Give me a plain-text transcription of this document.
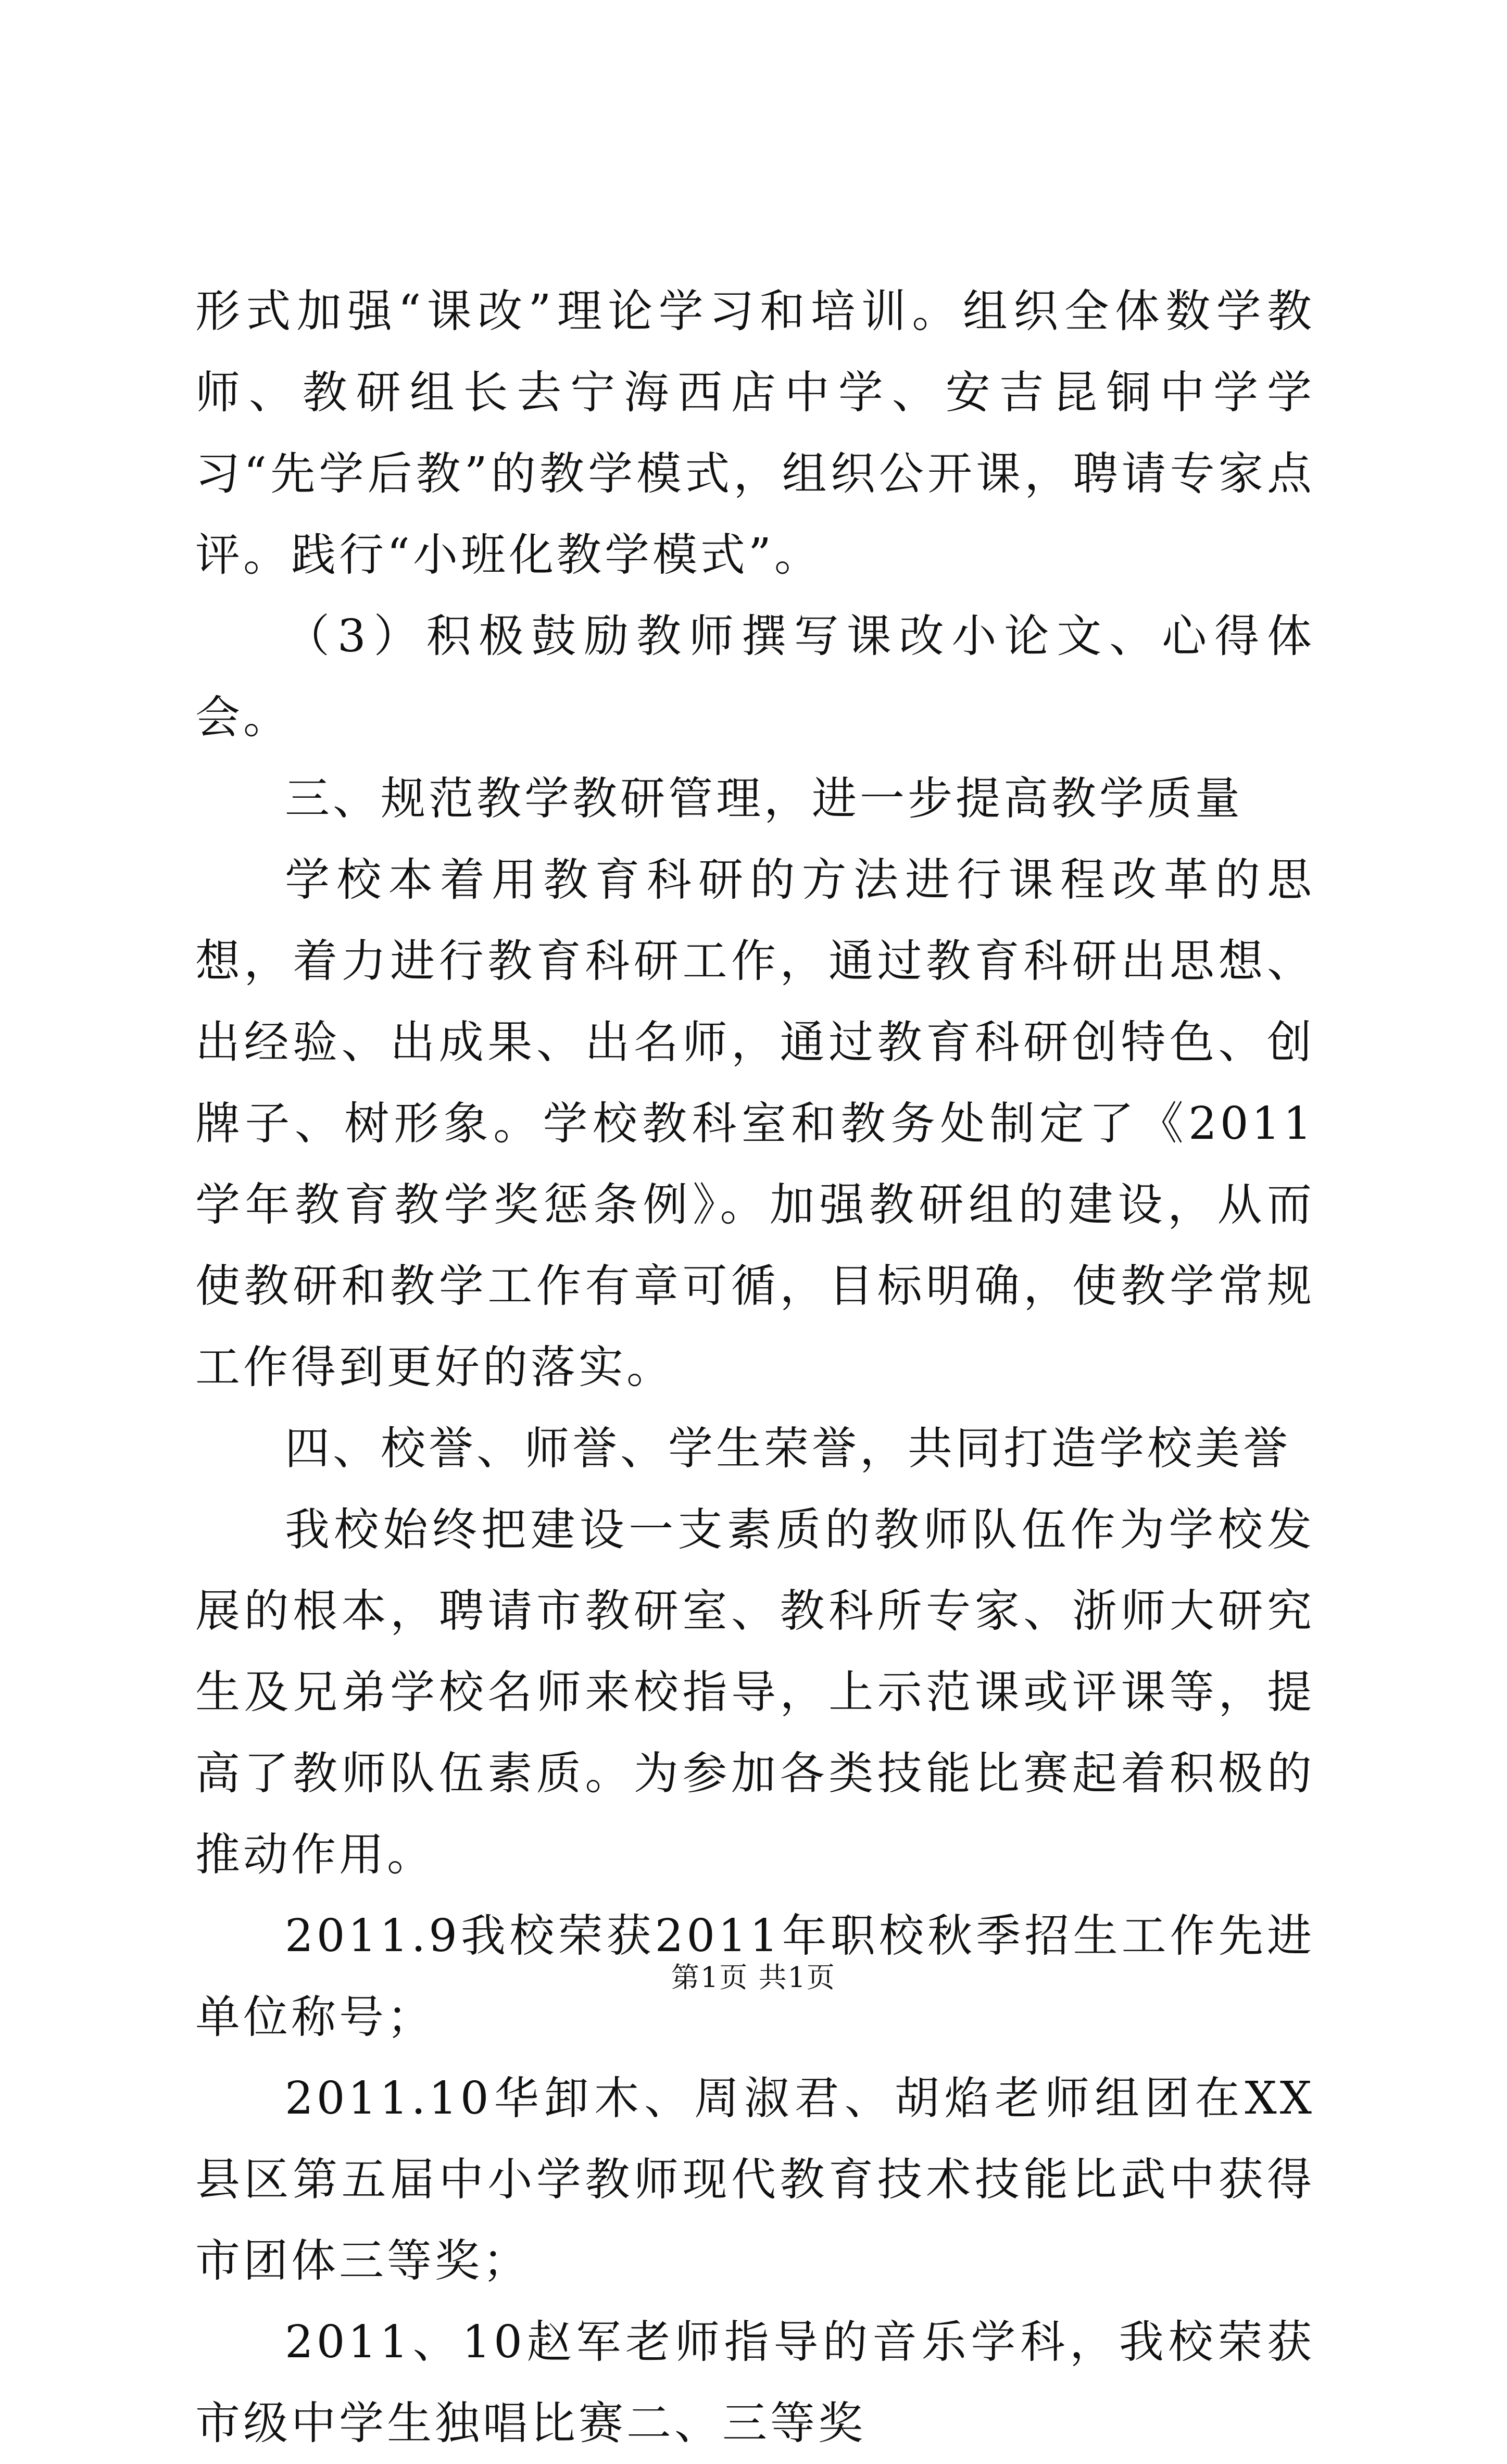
形式加强“课改”理论学习和培训。组织全体数学教师、教研组长去宁海西店中学、安吉昆铜中学学习“先学后教”的教学模式，组织公开课，聘请专家点评。践行“小班化教学模式”。

（3）积极鼓励教师撰写课改小论文、心得体会。

三、规范教学教研管理，进一步提高教学质量

学校本着用教育科研的方法进行课程改革的思想，着力进行教育科研工作，通过教育科研出思想、出经验、出成果、出名师，通过教育科研创特色、创牌子、树形象。学校教科室和教务处制定了《2011学年教育教学奖惩条例》。加强教研组的建设，从而使教研和教学工作有章可循，目标明确，使教学常规工作得到更好的落实。

四、校誉、师誉、学生荣誉，共同打造学校美誉

我校始终把建设一支素质的教师队伍作为学校发展的根本，聘请市教研室、教科所专家、浙师大研究生及兄弟学校名师来校指导，上示范课或评课等，提高了教师队伍素质。为参加各类技能比赛起着积极的推动作用。

2011.9我校荣获2011年职校秋季招生工作先进单位称号；

2011.10华卸木、周淑君、胡焰老师组团在XX县区第五届中小学教师现代教育技术技能比武中获得市团体三等奖；

2011、10赵军老师指导的音乐学科，我校荣获市级中学生独唱比赛二、三等奖

第1页 共1页
